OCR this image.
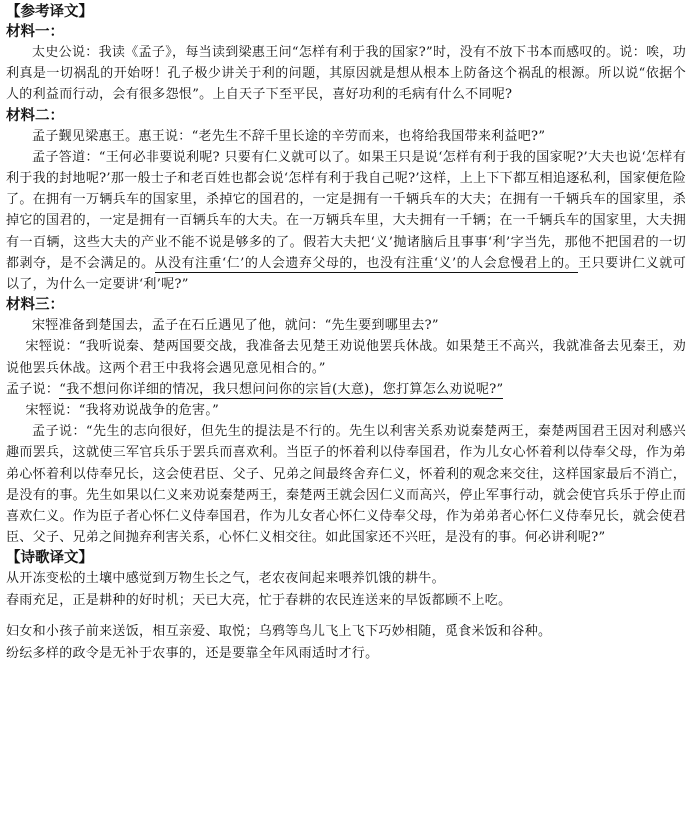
【参考译文】

材料一：

太史公说：我读《孟子》，每当读到梁惠王问“怎样有利于我的国家?”时，没有不放下书本而感叹的。说：唉，功利真是一切祸乱的开始呀！孔子极少讲关于利的问题，其原因就是想从根本上防备这个祸乱的根源。所以说“依据个人的利益而行动，会有很多怨恨”。上自天子下至平民，喜好功利的毛病有什么不同呢?

材料二：

孟子觐见梁惠王。惠王说：“老先生不辞千里长途的辛劳而来，也将给我国带来利益吧?”

孟子答道：“王何必非要说利呢? 只要有仁义就可以了。如果王只是说‘怎样有利于我的国家呢?’大夫也说‘怎样有利于我的封地呢?’那一般士子和老百姓也都会说‘怎样有利于我自己呢?’这样，上上下下都互相追逐私利，国家便危险了。在拥有一万辆兵车的国家里，杀掉它的国君的，一定是拥有一千辆兵车的大夫；在拥有一千辆兵车的国家里，杀掉它的国君的，一定是拥有一百辆兵车的大夫。在一万辆兵车里，大夫拥有一千辆；在一千辆兵车的国家里，大夫拥有一百辆，这些大夫的产业不能不说是够多的了。假若大夫把‘义’抛诸脑后且事事‘利’字当先，那他不把国君的一切都剥夺，是不会满足的。从没有注重‘仁’的人会遗弃父母的，也没有注重‘义’的人会怠慢君上的。王只要讲仁义就可以了，为什么一定要讲‘利’呢?”

材料三：

宋牼准备到楚国去，孟子在石丘遇见了他，就问：“先生要到哪里去?”

宋牼说：“我听说秦、楚两国要交战，我准备去见楚王劝说他罢兵休战。如果楚王不高兴，我就准备去见秦王，劝说他罢兵休战。这两个君王中我将会遇见意见相合的。”

孟子说：“我不想问你详细的情况，我只想问问你的宗旨(大意)，您打算怎么劝说呢?”

宋牼说：“我将劝说战争的危害。”

孟子说：“先生的志向很好，但先生的提法是不行的。先生以利害关系劝说秦楚两王，秦楚两国君王因对利感兴趣而罢兵，这就使三军官兵乐于罢兵而喜欢利。当臣子的怀着利以侍奉国君，作为儿女心怀着利以侍奉父母，作为弟弟心怀着利以侍奉兄长，这会使君臣、父子、兄弟之间最终舍弃仁义，怀着利的观念来交往，这样国家最后不消亡，是没有的事。先生如果以仁义来劝说秦楚两王，秦楚两王就会因仁义而高兴，停止军事行动，就会使官兵乐于停止而喜欢仁义。作为臣子者心怀仁义侍奉国君，作为儿女者心怀仁义侍奉父母，作为弟弟者心怀仁义侍奉兄长，就会使君臣、父子、兄弟之间抛弃利害关系，心怀仁义相交往。如此国家还不兴旺，是没有的事。何必讲利呢?”

【诗歌译文】

从开冻变松的土壤中感觉到万物生长之气，老农夜间起来喂养饥饿的耕牛。

春雨充足，正是耕种的好时机；天已大亮，忙于春耕的农民连送来的早饭都顾不上吃。

妇女和小孩子前来送饭，相互亲爱、取悦；乌鸦等鸟儿飞上飞下巧妙相随，觅食米饭和谷种。

纷纭多样的政令是无补于农事的，还是要靠全年风雨适时才行。
